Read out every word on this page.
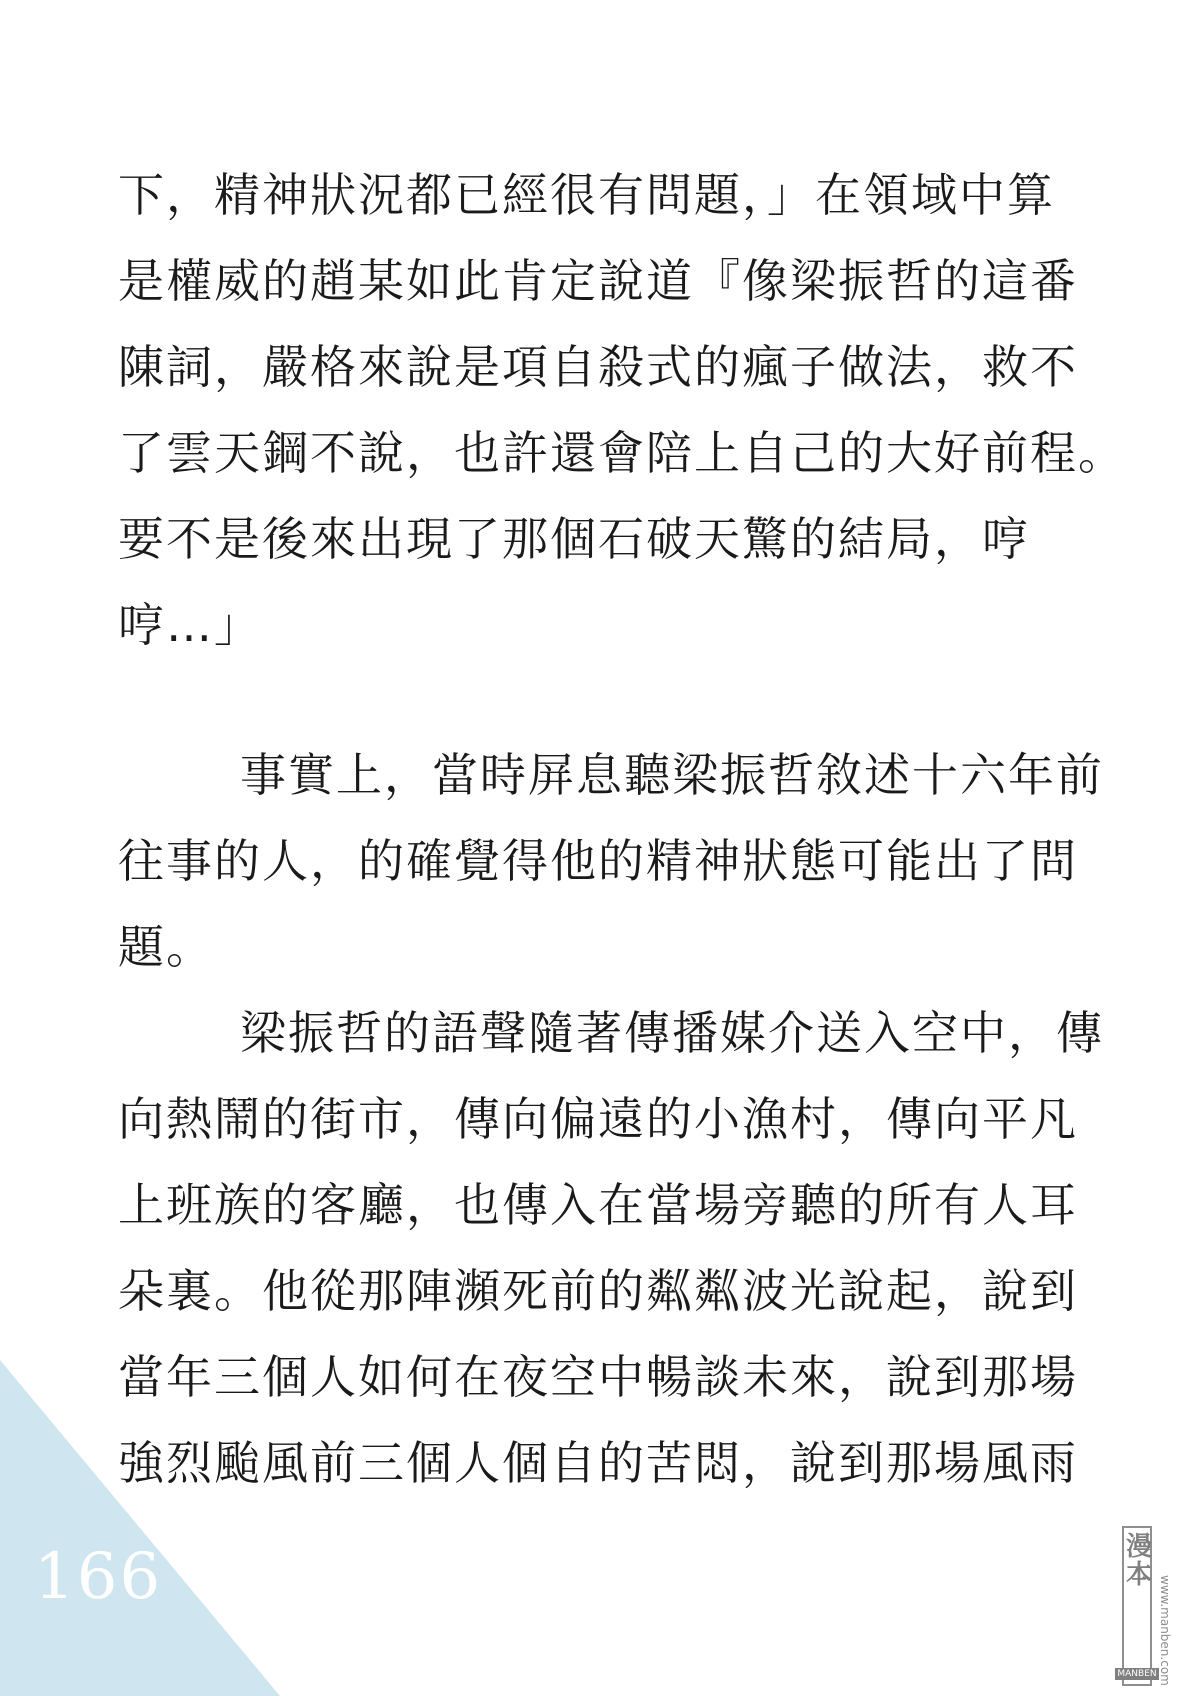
下，精神狀況都已經很有問題，」在領域中算
是權威的趙某如此肯定說道『像梁振哲的這番
陳詞，嚴格來說是項自殺式的瘋子做法，救不
了雲天鋼不說，也許還會陪上自己的大好前程。
要不是後來出現了那個石破天驚的結局，哼
哼…」
事實上，當時屏息聽梁振哲敘述十六年前
往事的人，的確覺得他的精神狀態可能出了問
題。
梁振哲的語聲隨著傳播媒介送入空中，傳
向熱鬧的街市，傳向偏遠的小漁村，傳向平凡
上班族的客廳，也傳入在當場旁聽的所有人耳
朵裏。他從那陣瀕死前的粼粼波光說起，說到
當年三個人如何在夜空中暢談未來，說到那場
強烈颱風前三個人個自的苦悶，說到那場風雨
166	漫本
MANBEN www.manben.com
